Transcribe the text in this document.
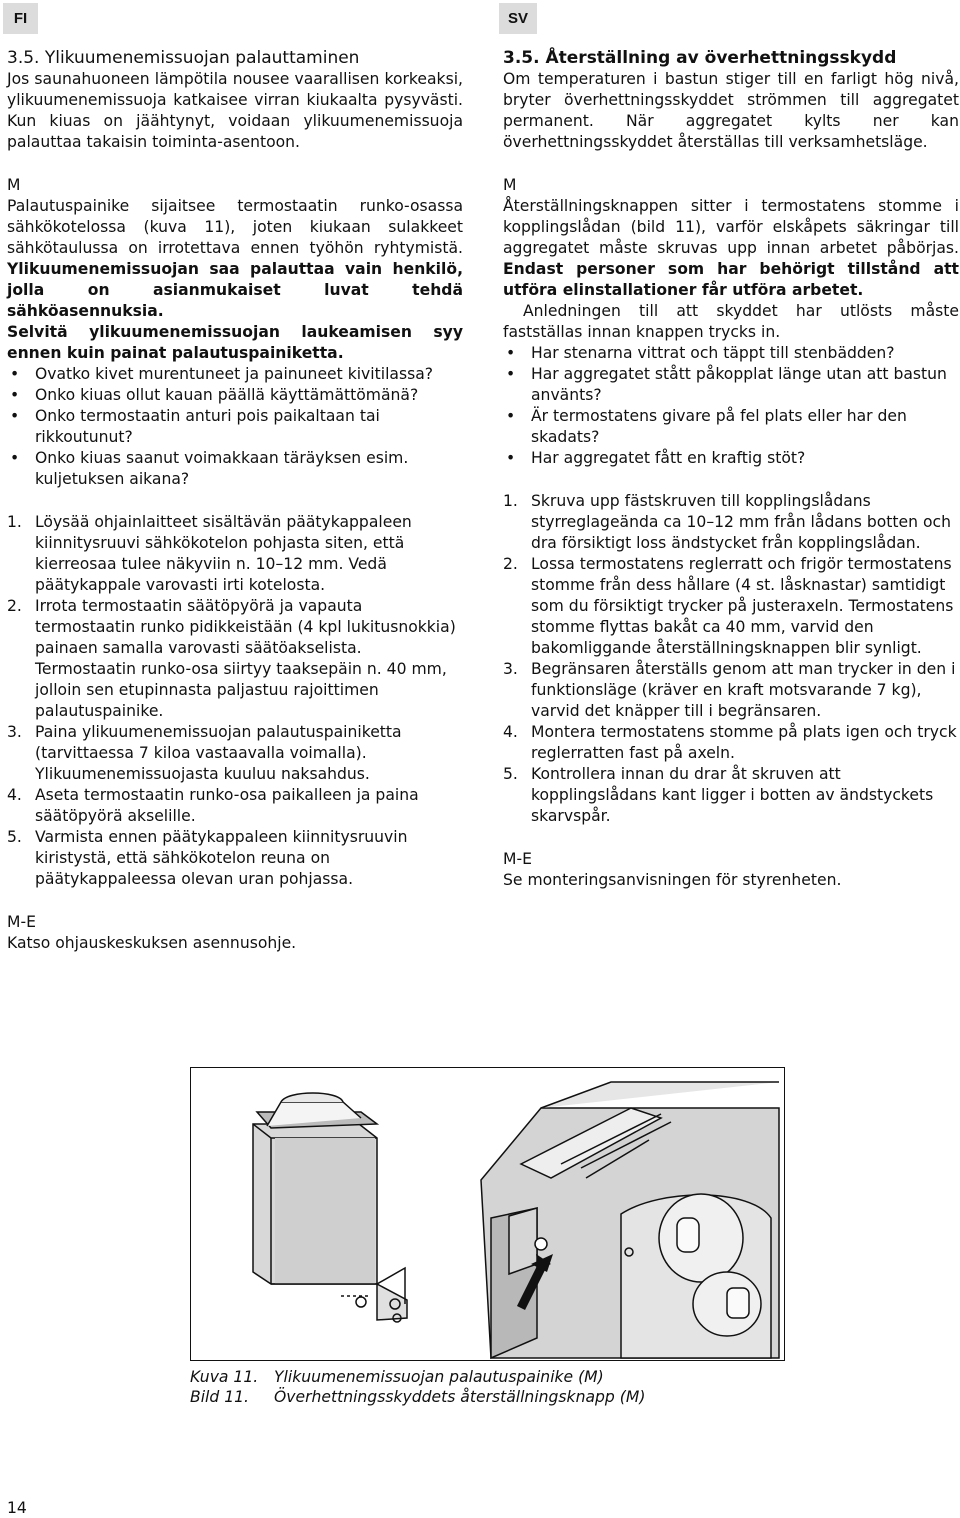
FI	SV

3.5. Ylikuumenemissuojan palauttaminen

Jos saunahuoneen lämpötila nousee vaarallisen korkeaksi, ylikuumenemissuoja katkaisee virran kiukaalta pysyvästi. Kun kiuas on jäähtynyt, voidaan ylikuumenemissuoja palauttaa takaisin toiminta-asentoon.

M

Palautuspainike sijaitsee termostaatin runko-osassa sähkökotelossa (kuva 11), joten kiukaan sulakkeet sähkötaulussa on irrotettava ennen työhön ryhtymistä. Ylikuumenemissuojan saa palauttaa vain henkilö, jolla on asianmukaiset luvat tehdä sähköasennuksia.

Selvitä ylikuumenemissuojan laukeamisen syy ennen kuin painat palautuspainiketta.

• Ovatko kivet murentuneet ja painuneet kivitilassa?
• Onko kiuas ollut kauan päällä käyttämättömänä?
• Onko termostaatin anturi pois paikaltaan tai rikkoutunut?
• Onko kiuas saanut voimakkaan täräyksen esim. kuljetuksen aikana?
1. Löysää ohjainlaitteet sisältävän päätykappaleen kiinnitysruuvi sähkökotelon pohjasta siten, että kierreosaa tulee näkyviin n. 10–12 mm. Vedä päätykappale varovasti irti kotelosta.
2. Irrota termostaatin säätöpyörä ja vapauta termostaatin runko pidikkeistään (4 kpl lukitusnokkia) painaen samalla varovasti säätöakselista. Termostaatin runko-osa siirtyy taaksepäin n. 40 mm, jolloin sen etupinnasta paljastuu rajoittimen palautuspainike.
3. Paina ylikuumenemissuojan palautuspainiketta (tarvittaessa 7 kiloa vastaavalla voimalla). Ylikuumenemissuojasta kuuluu naksahdus.
4. Aseta termostaatin runko-osa paikalleen ja paina säätöpyörä akselille.
5. Varmista ennen päätykappaleen kiinnitysruuvin kiristystä, että sähkökotelon reuna on päätykappaleessa olevan uran pohjassa.

M-E

Katso ohjauskeskuksen asennusohje.

3.5. Återställning av överhettningsskydd

Om temperaturen i bastun stiger till en farligt hög nivå, bryter överhettningsskyddet strömmen till aggregatet permanent. När aggregatet kylts ner kan överhettningsskyddet återställas till verksamhetsläge.

M

Återställningsknappen sitter i termostatens stomme i kopplingslådan (bild 11), varför elskåpets säkringar till aggregatet måste skruvas upp innan arbetet påbörjas. Endast personer som har behörigt tillstånd att utföra elinstallationer får utföra arbetet.

Anledningen till att skyddet har utlösts måste fastställas innan knappen trycks in.

• Har stenarna vittrat och täppt till stenbädden?
• Har aggregatet stått påkopplat länge utan att bastun använts?
• Är termostatens givare på fel plats eller har den skadats?
• Har aggregatet fått en kraftig stöt?
1. Skruva upp fästskruven till kopplingslådans styrreglageända ca 10–12 mm från lådans botten och dra försiktigt loss ändstycket från kopplingslådan.
2. Lossa termostatens reglerratt och frigör termostatens stomme från dess hållare (4 st. låsknastar) samtidigt som du försiktigt trycker på justeraxeln. Termostatens stomme flyttas bakåt ca 40 mm, varvid den bakomliggande återställningsknappen blir synligt.
3. Begränsaren återställs genom att man trycker in den i funktionsläge (kräver en kraft motsvarande 7 kg), varvid det knäpper till i begränsaren.
4. Montera termostatens stomme på plats igen och tryck reglerratten fast på axeln.
5. Kontrollera innan du drar åt skruven att kopplingslådans kant ligger i botten av ändstyckets skarvspår.

M-E

Se monteringsanvisningen för styrenheten.

Kuva 11.	Ylikuumenemissuojan palautuspainike (M)
Bild 11.	Överhettningsskyddets återställningsknapp (M)
14
